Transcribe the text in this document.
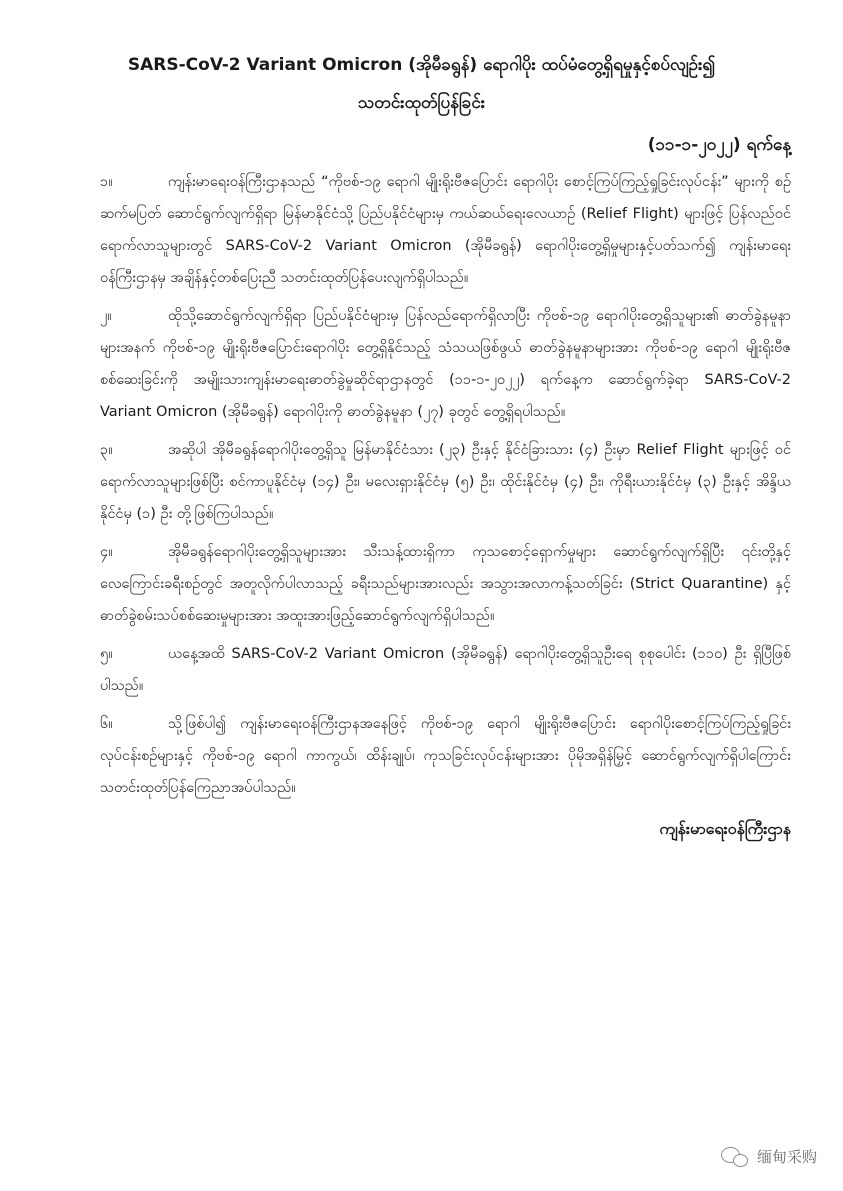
SARS-CoV-2 Variant Omicron (အိုမီခရွန်) ရောဂါပိုး ထပ်မံတွေ့ရှိရမှုနှင့်စပ်လျဉ်း၍

သတင်းထုတ်ပြန်ခြင်း

(၁၁-၁-၂၀၂၂) ရက်နေ့
၁။	ကျန်းမာရေးဝန်ကြီးဌာနသည် “ကိုဗစ်-၁၉ ရောဂါ မျိုးရိုးဗီဇပြောင်း ရောဂါပိုး စောင့်ကြပ်ကြည့်ရှုခြင်းလုပ်ငန်း” များကို စဉ်ဆက်မပြတ် ဆောင်ရွက်လျက်ရှိရာ မြန်မာနိုင်ငံသို့ ပြည်ပနိုင်ငံများမှ ကယ်ဆယ်ရေးလေယာဉ် (Relief Flight) များဖြင့် ပြန်လည်ဝင်ရောက်လာသူများတွင် SARS-CoV-2 Variant Omicron (အိုမီခရွန်) ရောဂါပိုးတွေ့ရှိမှုများနှင့်ပတ်သက်၍ ကျန်းမာရေးဝန်ကြီးဌာနမှ အချိန်နှင့်တစ်ပြေးညီ သတင်းထုတ်ပြန်ပေးလျက်ရှိပါသည်။
၂။	ထိုသို့ဆောင်ရွက်လျက်ရှိရာ ပြည်ပနိုင်ငံများမှ ပြန်လည်ရောက်ရှိလာပြီး ကိုဗစ်-၁၉ ရောဂါပိုးတွေ့ရှိသူများ၏ ဓာတ်ခွဲနမူနာများအနက် ကိုဗစ်-၁၉ မျိုးရိုးဗီဇပြောင်းရောဂါပိုး တွေ့ရှိနိုင်သည့် သံသယဖြစ်ဖွယ် ဓာတ်ခွဲနမူနာများအား ကိုဗစ်-၁၉ ရောဂါ မျိုးရိုးဗီဇ စစ်ဆေးခြင်းကို အမျိုးသားကျန်းမာရေးဓာတ်ခွဲမှုဆိုင်ရာဌာနတွင် (၁၁-၁-၂၀၂၂) ရက်နေ့က ဆောင်ရွက်ခဲ့ရာ SARS-CoV-2 Variant Omicron (အိုမီခရွန်) ရောဂါပိုးကို ဓာတ်ခွဲနမူနာ (၂၇) ခုတွင် တွေ့ရှိရပါသည်။
၃။	အဆိုပါ အိုမီခရွန်ရောဂါပိုးတွေ့ရှိသူ မြန်မာနိုင်ငံသား (၂၃) ဦးနှင့် နိုင်ငံခြားသား (၄) ဦးမှာ Relief Flight များဖြင့် ဝင်ရောက်လာသူများဖြစ်ပြီး စင်ကာပူနိုင်ငံမှ (၁၄) ဦး၊ မလေးရှားနိုင်ငံမှ (၅) ဦး၊ ထိုင်းနိုင်ငံမှ (၄) ဦး၊ ကိုရီးယားနိုင်ငံမှ (၃) ဦးနှင့် အိန္ဒိယနိုင်ငံမှ (၁) ဦး တို့ဖြစ်ကြပါသည်။
၄။	အိုမီခရွန်ရောဂါပိုးတွေ့ရှိသူများအား သီးသန့်ထားရှိကာ ကုသစောင့်ရှောက်မှုများ ဆောင်ရွက်လျက်ရှိပြီး ၎င်းတို့နှင့် လေကြောင်းခရီးစဉ်တွင် အတူလိုက်ပါလာသည့် ခရီးသည်များအားလည်း အသွားအလာကန့်သတ်ခြင်း (Strict Quarantine) နှင့် ဓာတ်ခွဲစမ်းသပ်စစ်ဆေးမှုများအား အထူးအားဖြည့်ဆောင်ရွက်လျက်ရှိပါသည်။
၅။	ယနေ့အထိ SARS-CoV-2 Variant Omicron (အိုမီခရွန်) ရောဂါပိုးတွေ့ရှိသူဦးရေ စုစုပေါင်း (၁၁၀) ဦး ရှိပြီဖြစ်ပါသည်။
၆။	သို့ဖြစ်ပါ၍ ကျန်းမာရေးဝန်ကြီးဌာနအနေဖြင့် ကိုဗစ်-၁၉ ရောဂါ မျိုးရိုးဗီဇပြောင်း ရောဂါပိုးစောင့်ကြပ်ကြည့်ရှုခြင်းလုပ်ငန်းစဉ်များနှင့် ကိုဗစ်-၁၉ ရောဂါ ကာကွယ်၊ ထိန်းချုပ်၊ ကုသခြင်းလုပ်ငန်းများအား ပိုမိုအရှိန်မြှင့် ဆောင်ရွက်လျက်ရှိပါကြောင်း သတင်းထုတ်ပြန်ကြေညာအပ်ပါသည်။
ကျန်းမာရေးဝန်ကြီးဌာန
缅甸采购
